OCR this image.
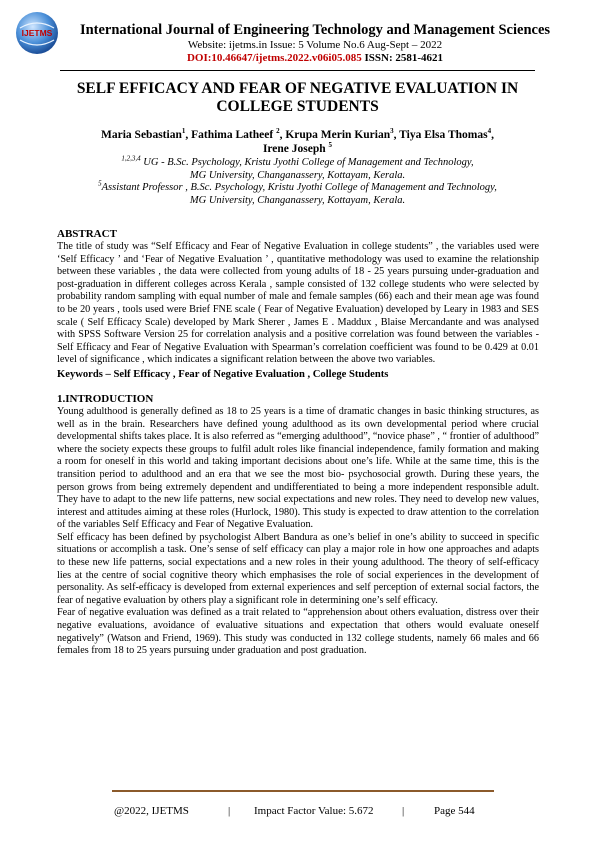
IJETMS	International Journal of Engineering Technology and Management Sciences
Website: ijetms.in Issue: 5 Volume No.6 Aug-Sept – 2022
DOI:10.46647/ijetms.2022.v06i05.085 ISSN: 2581-4621
SELF EFFICACY AND FEAR OF NEGATIVE EVALUATION IN
COLLEGE STUDENTS
Maria Sebastian$^1$, Fathima Latheef $^2$, Krupa Merin Kurian$^3$, Tiya Elsa Thomas$^4$,
Irene Joseph $^5$
$^{1,2,3,4}$ UG - B.Sc. Psychology, Kristu Jyothi College of Management and Technology,
MG University, Changanassery, Kottayam, Kerala.
$^5$Assistant Professor , B.Sc. Psychology, Kristu Jyothi College of Management and Technology,
MG University, Changanassery, Kottayam, Kerala.
ABSTRACT

The title of study was “Self Efficacy and Fear of Negative Evaluation in college students” , the variables used were ‘Self Efficacy ’ and ‘Fear of Negative Evaluation ’ , quantitative methodology was used to examine the relationship between these variables , the data were collected from young adults of 18 - 25 years pursuing under-graduation and post-graduation in different colleges across Kerala , sample consisted of 132 college students who were selected by probability random sampling with equal number of male and female samples (66) each and their mean age was found to be 20 years , tools used were Brief FNE scale ( Fear of Negative Evaluation) developed by Leary in 1983 and SES scale ( Self Efficacy Scale) developed by Mark Sherer , James E . Maddux , Blaise Mercandante and was analysed with SPSS Software Version 25 for correlation analysis and a positive correlation was found between the variables - Self Efficacy and Fear of Negative Evaluation with Spearman’s correlation coefficient was found to be 0.429 at 0.01 level of significance , which indicates a significant relation between the above two variables.

Keywords – Self Efficacy , Fear of Negative Evaluation , College Students
1.INTRODUCTION

Young adulthood is generally defined as 18 to 25 years is a time of dramatic changes in basic thinking structures, as well as in the brain. Researchers have defined young adulthood as its own developmental period where crucial developmental shifts takes place. It is also referred as “emerging adulthood”, “novice phase” , “ frontier of adulthood” where the society expects these groups to fulfil adult roles like financial independence, family formation and making a room for oneself in this world and taking important decisions about one’s life. While at the same time, this is the transition period to adulthood and an era that we see the most bio- psychosocial growth. During these years, the person grows from being extremely dependent and undifferentiated to being a more independent responsible adult. They have to adapt to the new life patterns, new social expectations and new roles. They need to develop new values, interest and attitudes aiming at these roles (Hurlock, 1980). This study is expected to draw attention to the correlation of the variables Self Efficacy and Fear of Negative Evaluation.

Self efficacy has been defined by psychologist Albert Bandura as one’s belief in one’s ability to succeed in specific situations or accomplish a task. One’s sense of self efficacy can play a major role in how one approaches and adapts to these new life patterns, social expectations and a new roles in their young adulthood. The theory of self-efficacy lies at the centre of social cognitive theory which emphasises the role of social experiences in the development of personality. As self-efficacy is developed from external experiences and self perception of external social factors, the fear of negative evaluation by others play a significant role in determining one’s self efficacy.

Fear of negative evaluation was defined as a trait related to “apprehension about others evaluation, distress over their negative evaluations, avoidance of evaluative situations and expectation that others would evaluate oneself negatively” (Watson and Friend, 1969). This study was conducted in 132 college students, namely 66 males and 66 females from 18 to 25 years pursuing under graduation and post graduation.

@2022, IJETMS	| Impact Factor Value: 5.672	|	Page 544
